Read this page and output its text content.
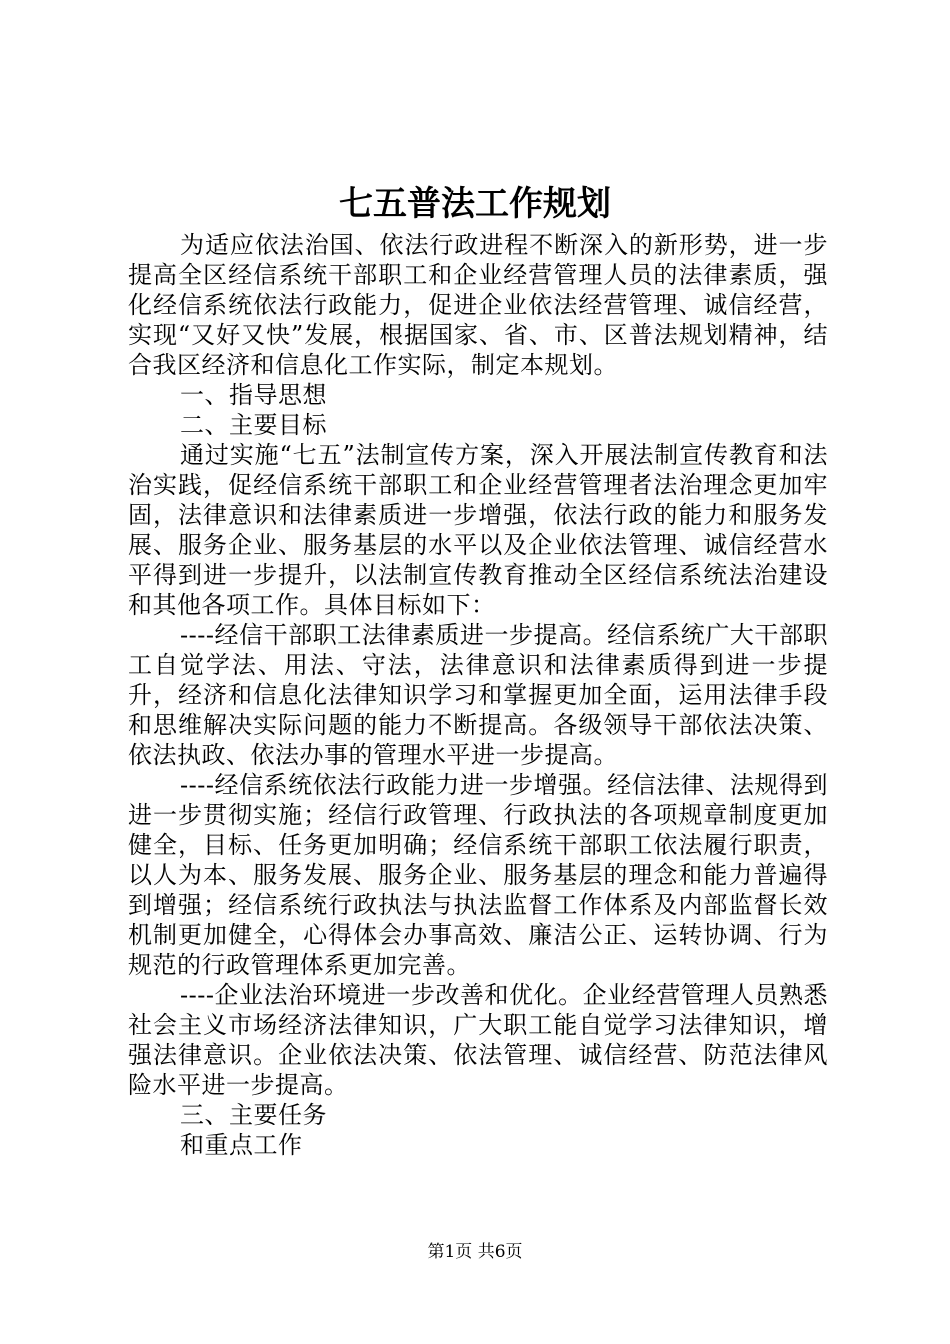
七五普法工作规划

为适应依法治国、依法行政进程不断深入的新形势，进一步提高全区经信系统干部职工和企业经营管理人员的法律素质，强化经信系统依法行政能力，促进企业依法经营管理、诚信经营，实现“又好又快”发展，根据国家、省、市、区普法规划精神，结合我区经济和信息化工作实际，制定本规划。

一、指导思想

二、主要目标

通过实施“七五”法制宣传方案，深入开展法制宣传教育和法治实践，促经信系统干部职工和企业经营管理者法治理念更加牢固，法律意识和法律素质进一步增强，依法行政的能力和服务发展、服务企业、服务基层的水平以及企业依法管理、诚信经营水平得到进一步提升，以法制宣传教育推动全区经信系统法治建设和其他各项工作。具体目标如下：

----经信干部职工法律素质进一步提高。经信系统广大干部职工自觉学法、用法、守法，法律意识和法律素质得到进一步提升，经济和信息化法律知识学习和掌握更加全面，运用法律手段和思维解决实际问题的能力不断提高。各级领导干部依法决策、依法执政、依法办事的管理水平进一步提高。

----经信系统依法行政能力进一步增强。经信法律、法规得到进一步贯彻实施；经信行政管理、行政执法的各项规章制度更加健全，目标、任务更加明确；经信系统干部职工依法履行职责，以人为本、服务发展、服务企业、服务基层的理念和能力普遍得到增强；经信系统行政执法与执法监督工作体系及内部监督长效机制更加健全，心得体会办事高效、廉洁公正、运转协调、行为规范的行政管理体系更加完善。

----企业法治环境进一步改善和优化。企业经营管理人员熟悉社会主义市场经济法律知识，广大职工能自觉学习法律知识，增强法律意识。企业依法决策、依法管理、诚信经营、防范法律风险水平进一步提高。

三、主要任务

和重点工作

第1页 共6页
